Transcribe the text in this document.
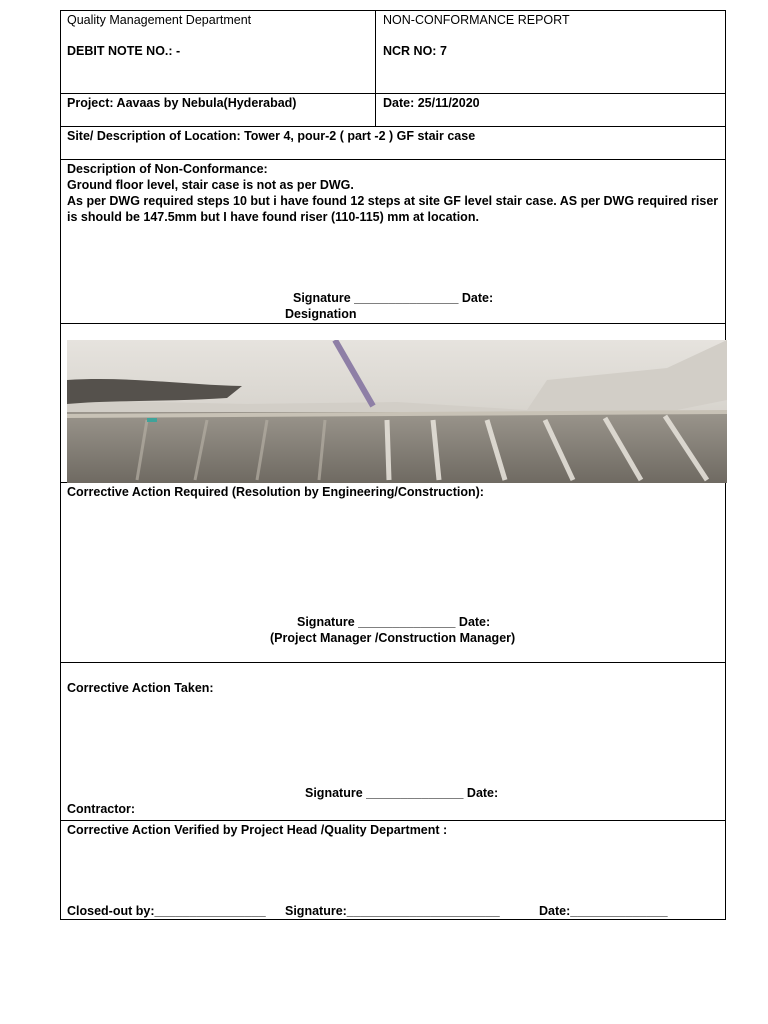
Quality Management Department
DEBIT NOTE NO.: -
NON-CONFORMANCE REPORT
NCR NO: 7
Project: Aavaas by Nebula(Hyderabad)	Date: 25/11/2020
Site/ Description of Location: Tower 4, pour-2 ( part -2 ) GF stair case
Description of Non-Conformance:
Ground floor level, stair case is not as per DWG.
As per DWG required steps 10 but i have found 12 steps at site GF level stair case. AS per DWG required riser is should be 147.5mm but I have found riser (110-115) mm at location.
Signature _______________ Date:
Designation
Corrective Action Required (Resolution by Engineering/Construction):
Signature ______________ Date:
(Project Manager /Construction Manager)
Corrective Action Taken:
Signature ______________ Date:
Contractor:
Corrective Action Verified by Project Head /Quality Department :
Closed-out by:________________ Signature:______________________	Date:______________
